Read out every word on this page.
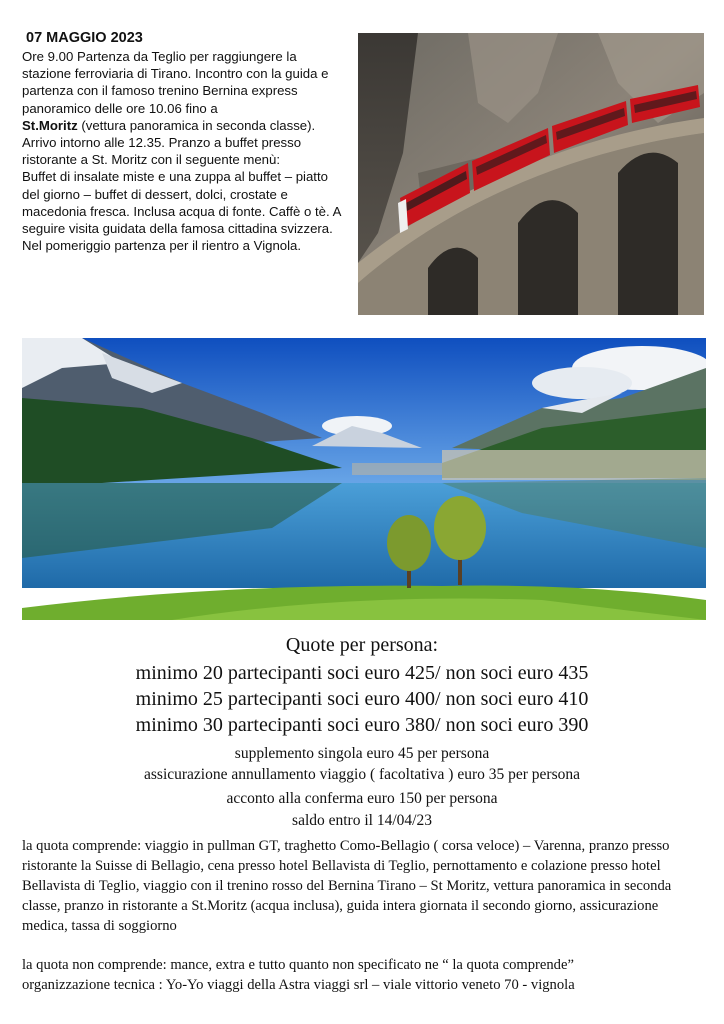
07 MAGGIO 2023
Ore 9.00 Partenza da Teglio per raggiungere la stazione ferroviaria di Tirano. Incontro con la guida e partenza con il famoso trenino Bernina express panoramico delle ore 10.06 fino a
St.Moritz (vettura panoramica in seconda classe). Arrivo intorno alle 12.35. Pranzo a buffet presso ristorante a St. Moritz con il seguente menù:
Buffet di insalate miste e una zuppa al buffet – piatto del giorno – buffet di dessert, dolci, crostate e macedonia fresca. Inclusa acqua di fonte. Caffè o tè. A seguire visita guidata della famosa cittadina svizzera. Nel pomeriggio partenza per il rientro a Vignola.
Quote per persona:
minimo 20 partecipanti soci euro 425/ non soci euro 435
minimo 25 partecipanti soci euro 400/ non soci euro 410
minimo 30 partecipanti soci euro 380/ non soci euro 390
supplemento singola euro 45 per persona
assicurazione annullamento viaggio ( facoltativa ) euro 35 per persona
acconto alla conferma euro 150 per persona
saldo entro il 14/04/23
la quota comprende: viaggio in pullman GT, traghetto Como-Bellagio ( corsa veloce) – Varenna, pranzo presso ristorante la Suisse di Bellagio, cena presso hotel Bellavista di Teglio, pernottamento e colazione presso hotel Bellavista di Teglio, viaggio con il trenino rosso del Bernina Tirano – St Moritz, vettura panoramica in seconda classe, pranzo in ristorante a St.Moritz (acqua inclusa), guida intera giornata il secondo giorno, assicurazione medica, tassa di soggiorno
la quota non comprende: mance, extra e tutto quanto non specificato ne “ la quota comprende”
organizzazione tecnica : Yo-Yo viaggi della Astra viaggi srl – viale vittorio veneto 70 - vignola
